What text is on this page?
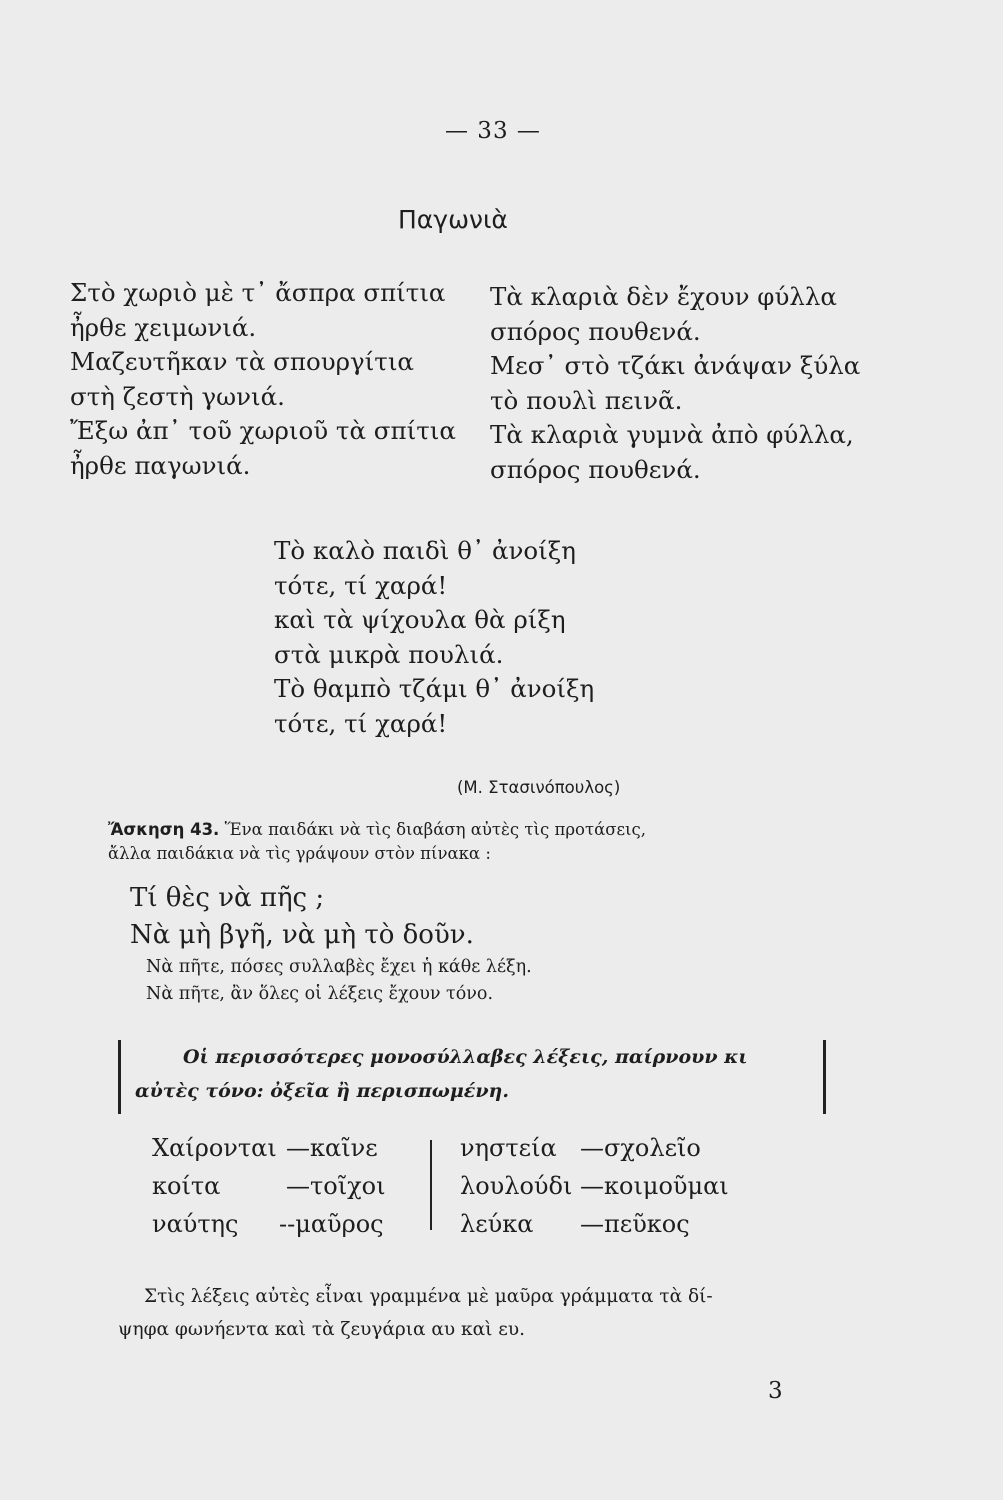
— 33 —
Παγωνιὰ
Στὸ χωριὸ μὲ τ᾽ ἄσπρα σπίτια
ἦρθε χειμωνιά.
Μαζευτῆκαν τὰ σπουργίτια
στὴ ζεστὴ γωνιά.
Ἔξω ἀπ᾽ τοῦ χωριοῦ τὰ σπίτια
ἦρθε παγωνιά.
Τὰ κλαριὰ δὲν ἔχουν φύλλα
σπόρος πουθενά.
Μεσ᾽ στὸ τζάκι ἀνάψαν ξύλα
τὸ πουλὶ πεινᾶ.
Τὰ κλαριὰ γυμνὰ ἀπὸ φύλλα,
σπόρος πουθενά.
Τὸ καλὸ παιδὶ θ᾽ ἀνοίξη
τότε, τί χαρά!
καὶ τὰ ψίχουλα θὰ ρίξη
στὰ μικρὰ πουλιά.
Τὸ θαμπὸ τζάμι θ᾽ ἀνοίξη
τότε, τί χαρά!
(Μ. Στασινόπουλος)
Ἄσκηση 43. Ἕνα παιδάκι νὰ τὶς διαβάση αὐτὲς τὶς προτάσεις,
ἄλλα παιδάκια νὰ τὶς γράψουν στὸν πίνακα :
Τί θὲς νὰ πῆς ;
Νὰ μὴ βγῆ, νὰ μὴ τὸ δοῦν.
Νὰ πῆτε, πόσες συλλαβὲς ἔχει ἡ κάθε λέξη.
Νὰ πῆτε, ἂν ὅλες οἱ λέξεις ἔχουν τόνο.
Οἱ περισσότερες μονοσύλλαβες λέξεις, παίρνουν κι
αὐτὲς τόνο: ὀξεῖα ἢ περισπωμένη.
Χαίρονται —καῖνε
κοίτα	—τοῖχοι
ναύτης --μαῦρος
νηστεία —σχολεῖο
λουλούδι —κοιμοῦμαι
λεύκα —πεῦκος
Στὶς λέξεις αὐτὲς εἶναι γραμμένα μὲ μαῦρα γράμματα τὰ δί-
ψηφα φωνήεντα καὶ τὰ ζευγάρια αυ καὶ ευ.
3
